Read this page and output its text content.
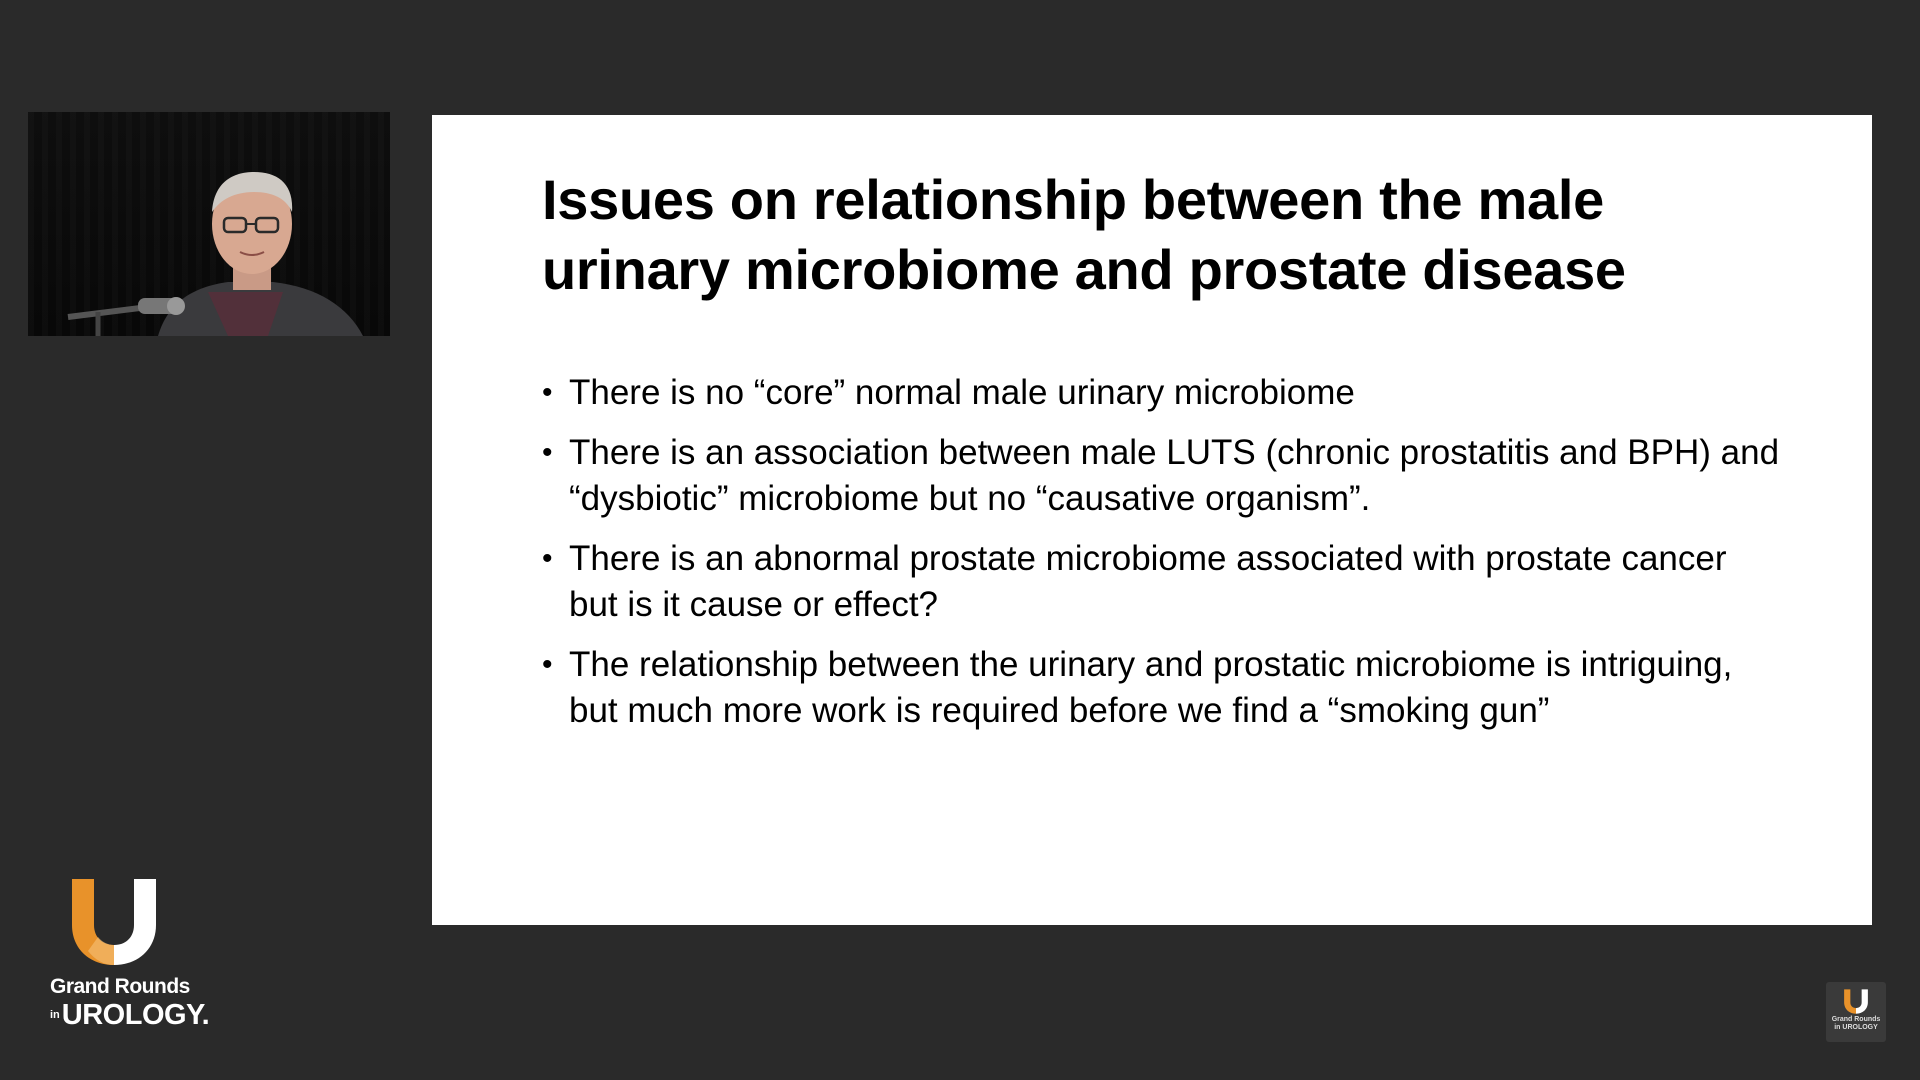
Issues on relationship between the male urinary microbiome and prostate disease
• There is no “core” normal male urinary microbiome
• There is an association between male LUTS (chronic prostatitis and BPH) and “dysbiotic” microbiome but no “causative organism”.
• There is an abnormal prostate microbiome associated with prostate cancer but is it cause or effect?
• The relationship between the urinary and prostatic microbiome is intriguing, but much more work is required before we find a “smoking gun”
Grand Rounds
$^{in}$UROLOGY.	Grand Rounds
in UROLOGY
